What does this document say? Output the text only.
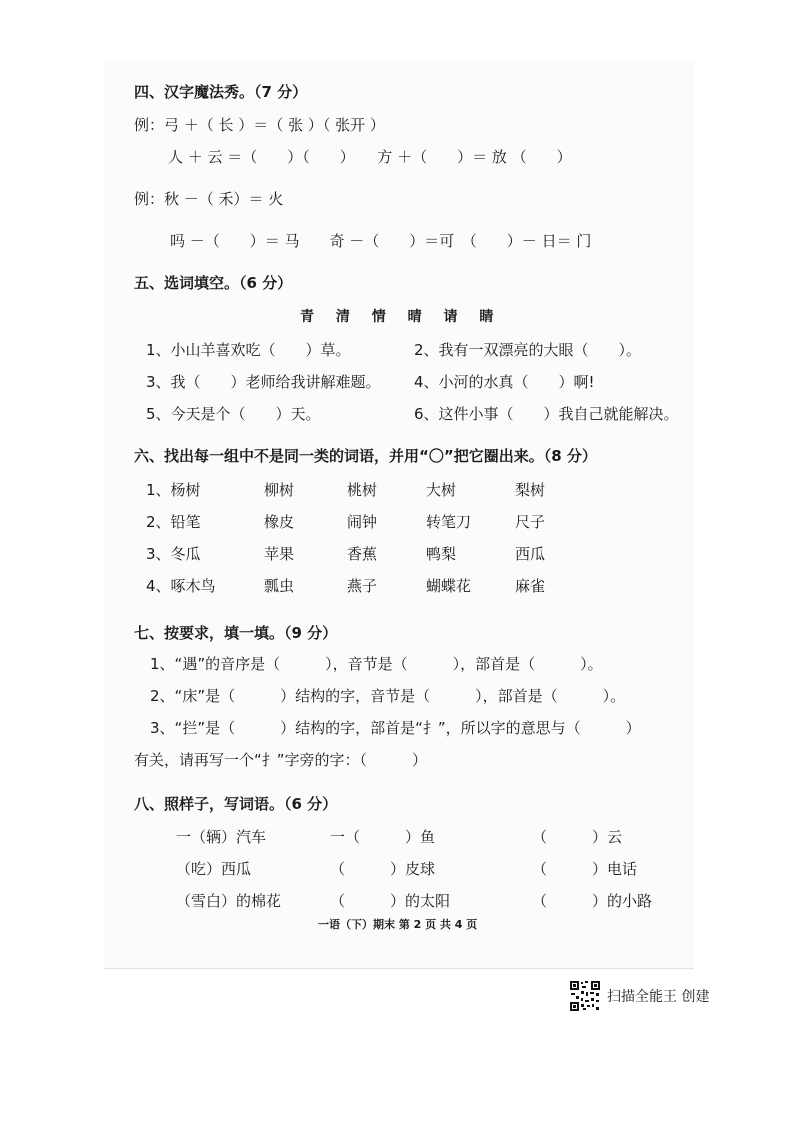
四、汉字魔法秀。（7 分）
例：弓 ＋（ 长 ）＝（ 张 ）（ 张开 ）
人 ＋ 云 ＝（　　）（　　）　　方 ＋（　　）＝ 放 （　　）
例：秋 －（ 禾）＝ 火
吗 －（　　）＝ 马　　奇 －（　　）＝可　（　　）－ 日＝ 门
五、选词填空。（6 分）
青　 清　 情　 晴　 请　 睛
1、小山羊喜欢吃（　　）草。	2、我有一双漂亮的大眼（　　）。
3、我（　　）老师给我讲解难题。 4、小河的水真（　　）啊!
5、今天是个（　　）天。	6、这件小事（　　）我自己就能解决。
六、找出每一组中不是同一类的词语，并用“〇”把它圈出来。（8 分）
1、杨树	柳树	桃树	大树	梨树
2、铅笔	橡皮	闹钟	转笔刀	尺子
3、冬瓜	苹果	香蕉	鸭梨	西瓜
4、啄木鸟	瓢虫	燕子	蝴蝶花	麻雀
七、按要求，填一填。（9 分）
1、“遇”的音序是（　　　），音节是（　　　），部首是（　　　）。
2、“床”是（　　　）结构的字，音节是（　　　），部首是（　　　）。
3、“拦”是（　　　）结构的字，部首是“扌”，所以字的意思与（　　　）
有关，请再写一个“扌”字旁的字：（　　　）
八、照样子，写词语。（6 分）
一（辆）汽车	一（　　　）鱼	（　　　）云
（吃）西瓜	（　　　）皮球	（　　　）电话
（雪白）的棉花	（　　　）的太阳	（　　　）的小路
一语（下）期末 第 2 页 共 4 页
扫描全能王 创建
